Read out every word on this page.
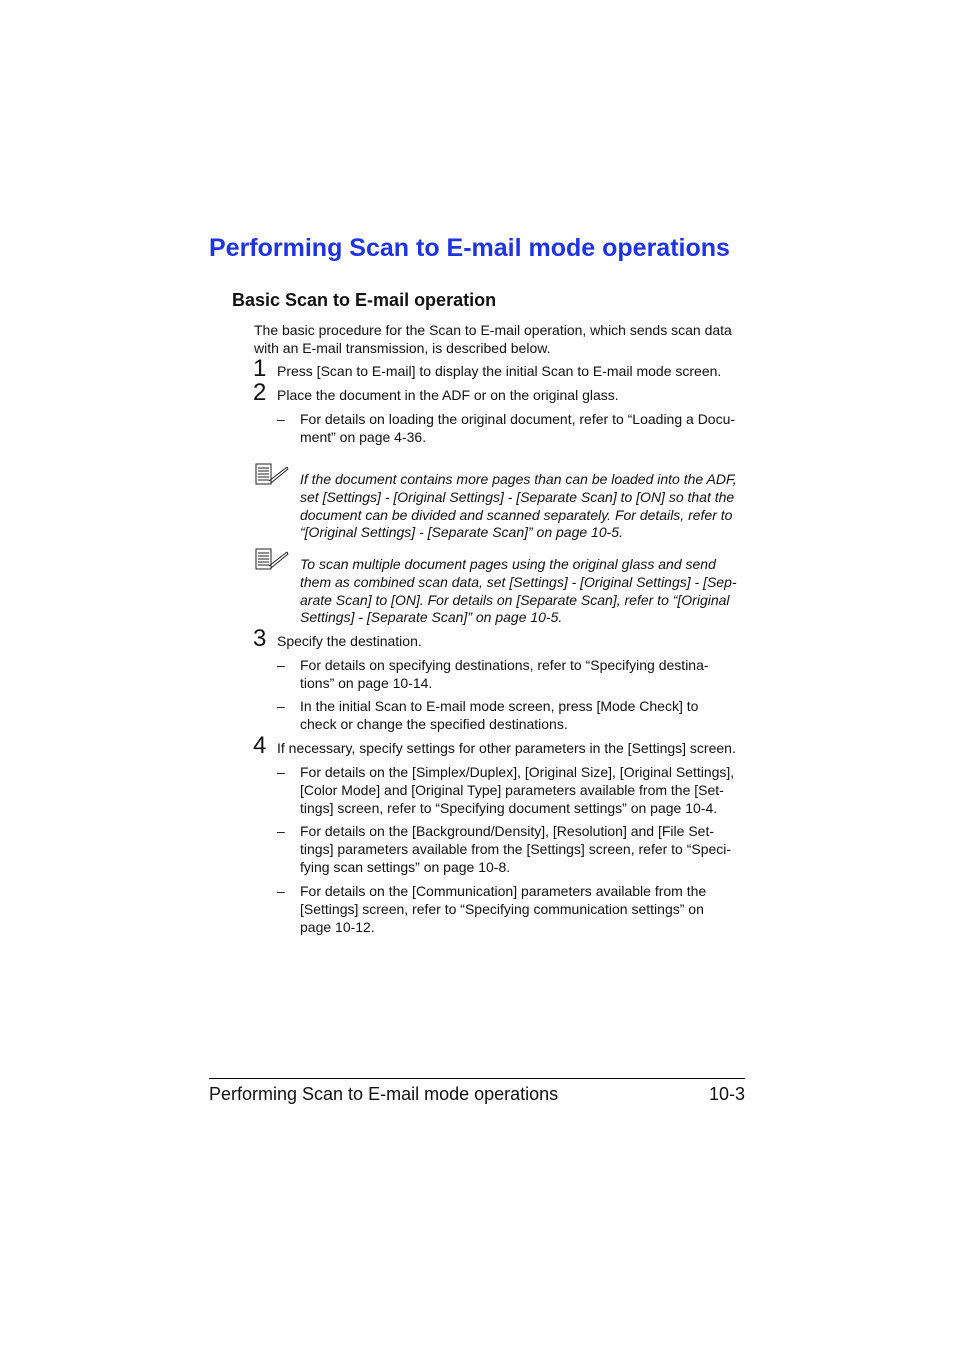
Performing Scan to E-mail mode operations
Basic Scan to E-mail operation
The basic procedure for the Scan to E-mail operation, which sends scan data
with an E-mail transmission, is described below.
1 Press [Scan to E-mail] to display the initial Scan to E-mail mode screen.
2 Place the document in the ADF or on the original glass.
– For details on loading the original document, refer to “Loading a Docu-
ment” on page 4-36.
If the document contains more pages than can be loaded into the ADF,
set [Settings] - [Original Settings] - [Separate Scan] to [ON] so that the
document can be divided and scanned separately. For details, refer to
“[Original Settings] - [Separate Scan]” on page 10-5.
To scan multiple document pages using the original glass and send
them as combined scan data, set [Settings] - [Original Settings] - [Sep-
arate Scan] to [ON]. For details on [Separate Scan], refer to “[Original
Settings] - [Separate Scan]” on page 10-5.
3 Specify the destination.
– For details on specifying destinations, refer to “Specifying destina-
tions” on page 10-14.
– In the initial Scan to E-mail mode screen, press [Mode Check] to
check or change the specified destinations.
4 If necessary, specify settings for other parameters in the [Settings] screen.
– For details on the [Simplex/Duplex], [Original Size], [Original Settings],
[Color Mode] and [Original Type] parameters available from the [Set-
tings] screen, refer to “Specifying document settings” on page 10-4.
– For details on the [Background/Density], [Resolution] and [File Set-
tings] parameters available from the [Settings] screen, refer to “Speci-
fying scan settings” on page 10-8.
– For details on the [Communication] parameters available from the
[Settings] screen, refer to “Specifying communication settings” on
page 10-12.
Performing Scan to E-mail mode operations	10-3
